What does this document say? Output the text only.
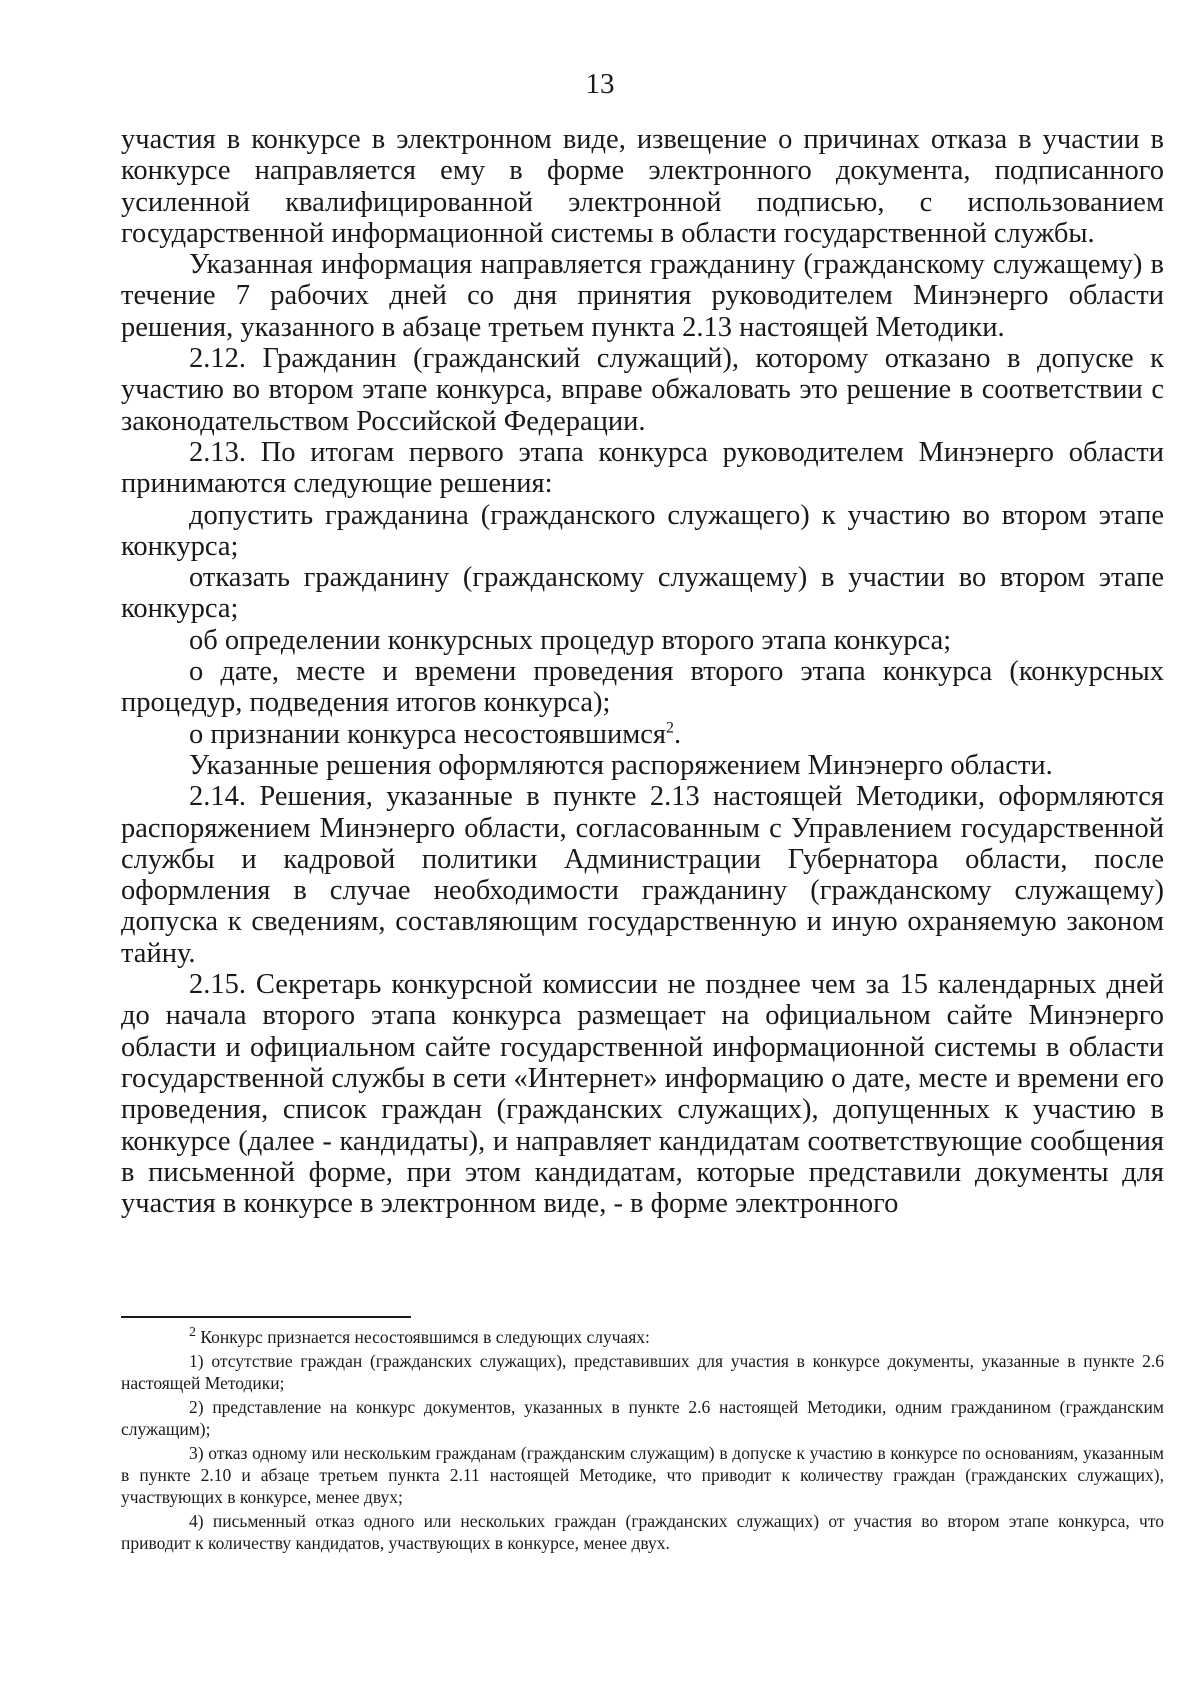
13

участия в конкурсе в электронном виде, извещение о причинах отказа в участии в конкурсе направляется ему в форме электронного документа, подписанного усиленной квалифицированной электронной подписью, с использованием государственной информационной системы в области государственной службы.

Указанная информация направляется гражданину (гражданскому служащему) в течение 7 рабочих дней со дня принятия руководителем Минэнерго области решения, указанного в абзаце третьем пункта 2.13 настоящей Методики.

2.12. Гражданин (гражданский служащий), которому отказано в допуске к участию во втором этапе конкурса, вправе обжаловать это решение в соответствии с законодательством Российской Федерации.

2.13. По итогам первого этапа конкурса руководителем Минэнерго области принимаются следующие решения:

допустить гражданина (гражданского служащего) к участию во втором этапе конкурса;

отказать гражданину (гражданскому служащему) в участии во втором этапе конкурса;

об определении конкурсных процедур второго этапа конкурса;

о дате, месте и времени проведения второго этапа конкурса (конкурсных процедур, подведения итогов конкурса);

о признании конкурса несостоявшимся$^2$.

Указанные решения оформляются распоряжением Минэнерго области.

2.14. Решения, указанные в пункте 2.13 настоящей Методики, оформляются распоряжением Минэнерго области, согласованным с Управлением государственной службы и кадровой политики Администрации Губернатора области, после оформления в случае необходимости гражданину (гражданскому служащему) допуска к сведениям, составляющим государственную и иную охраняемую законом тайну.

2.15. Секретарь конкурсной комиссии не позднее чем за 15 календарных дней до начала второго этапа конкурса размещает на официальном сайте Минэнерго области и официальном сайте государственной информационной системы в области государственной службы в сети «Интернет» информацию о дате, месте и времени его проведения, список граждан (гражданских служащих), допущенных к участию в конкурсе (далее - кандидаты), и направляет кандидатам соответствующие сообщения в письменной форме, при этом кандидатам, которые представили документы для участия в конкурсе в электронном виде, - в форме электронного

$^2$ Конкурс признается несостоявшимся в следующих случаях:

1) отсутствие граждан (гражданских служащих), представивших для участия в конкурсе документы, указанные в пункте 2.6 настоящей Методики;

2) представление на конкурс документов, указанных в пункте 2.6 настоящей Методики, одним гражданином (гражданским служащим);

3) отказ одному или нескольким гражданам (гражданским служащим) в допуске к участию в конкурсе по основаниям, указанным в пункте 2.10 и абзаце третьем пункта 2.11 настоящей Методике, что приводит к количеству граждан (гражданских служащих), участвующих в конкурсе, менее двух;

4) письменный отказ одного или нескольких граждан (гражданских служащих) от участия во втором этапе конкурса, что приводит к количеству кандидатов, участвующих в конкурсе, менее двух.
